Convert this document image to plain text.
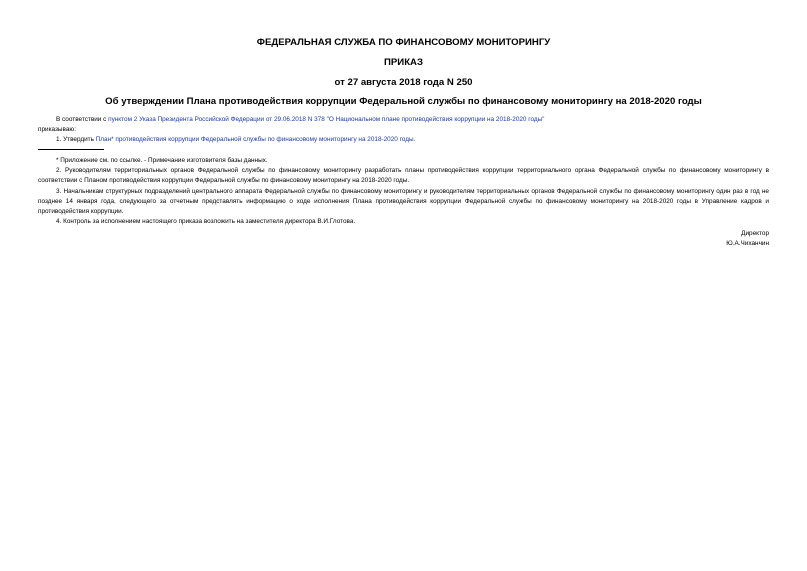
ФЕДЕРАЛЬНАЯ СЛУЖБА ПО ФИНАНСОВОМУ МОНИТОРИНГУ

ПРИКАЗ

от 27 августа 2018 года N 250

Об утверждении Плана противодействия коррупции Федеральной службы по финансовому мониторингу на 2018-2020 годы

В соответствии с пунктом 2 Указа Президента Российской Федерации от 29.06.2018 N 378 "О Национальном плане противодействия коррупции на 2018-2020 годы"

приказываю:

1. Утвердить План* противодействия коррупции Федеральной службы по финансовому мониторингу на 2018-2020 годы.

* Приложение см. по ссылке. - Примечание изготовителя базы данных.

2. Руководителям территориальных органов Федеральной службы по финансовому мониторингу разработать планы противодействия коррупции территориального органа Федеральной службы по финансовому мониторингу в соответствии с Планом противодействия коррупции Федеральной службы по финансовому мониторингу на 2018-2020 годы.

3. Начальникам структурных подразделений центрального аппарата Федеральной службы по финансовому мониторингу и руководителям территориальных органов Федеральной службы по финансовому мониторингу один раз в год не позднее 14 января года, следующего за отчетным представлять информацию о ходе исполнения Плана противодействия коррупции Федеральной службы по финансовому мониторингу на 2018-2020 годы в Управление кадров и противодействия коррупции.

4. Контроль за исполнением настоящего приказа возложить на заместителя директора В.И.Глотова.

Директор

Ю.А.Чиханчин
